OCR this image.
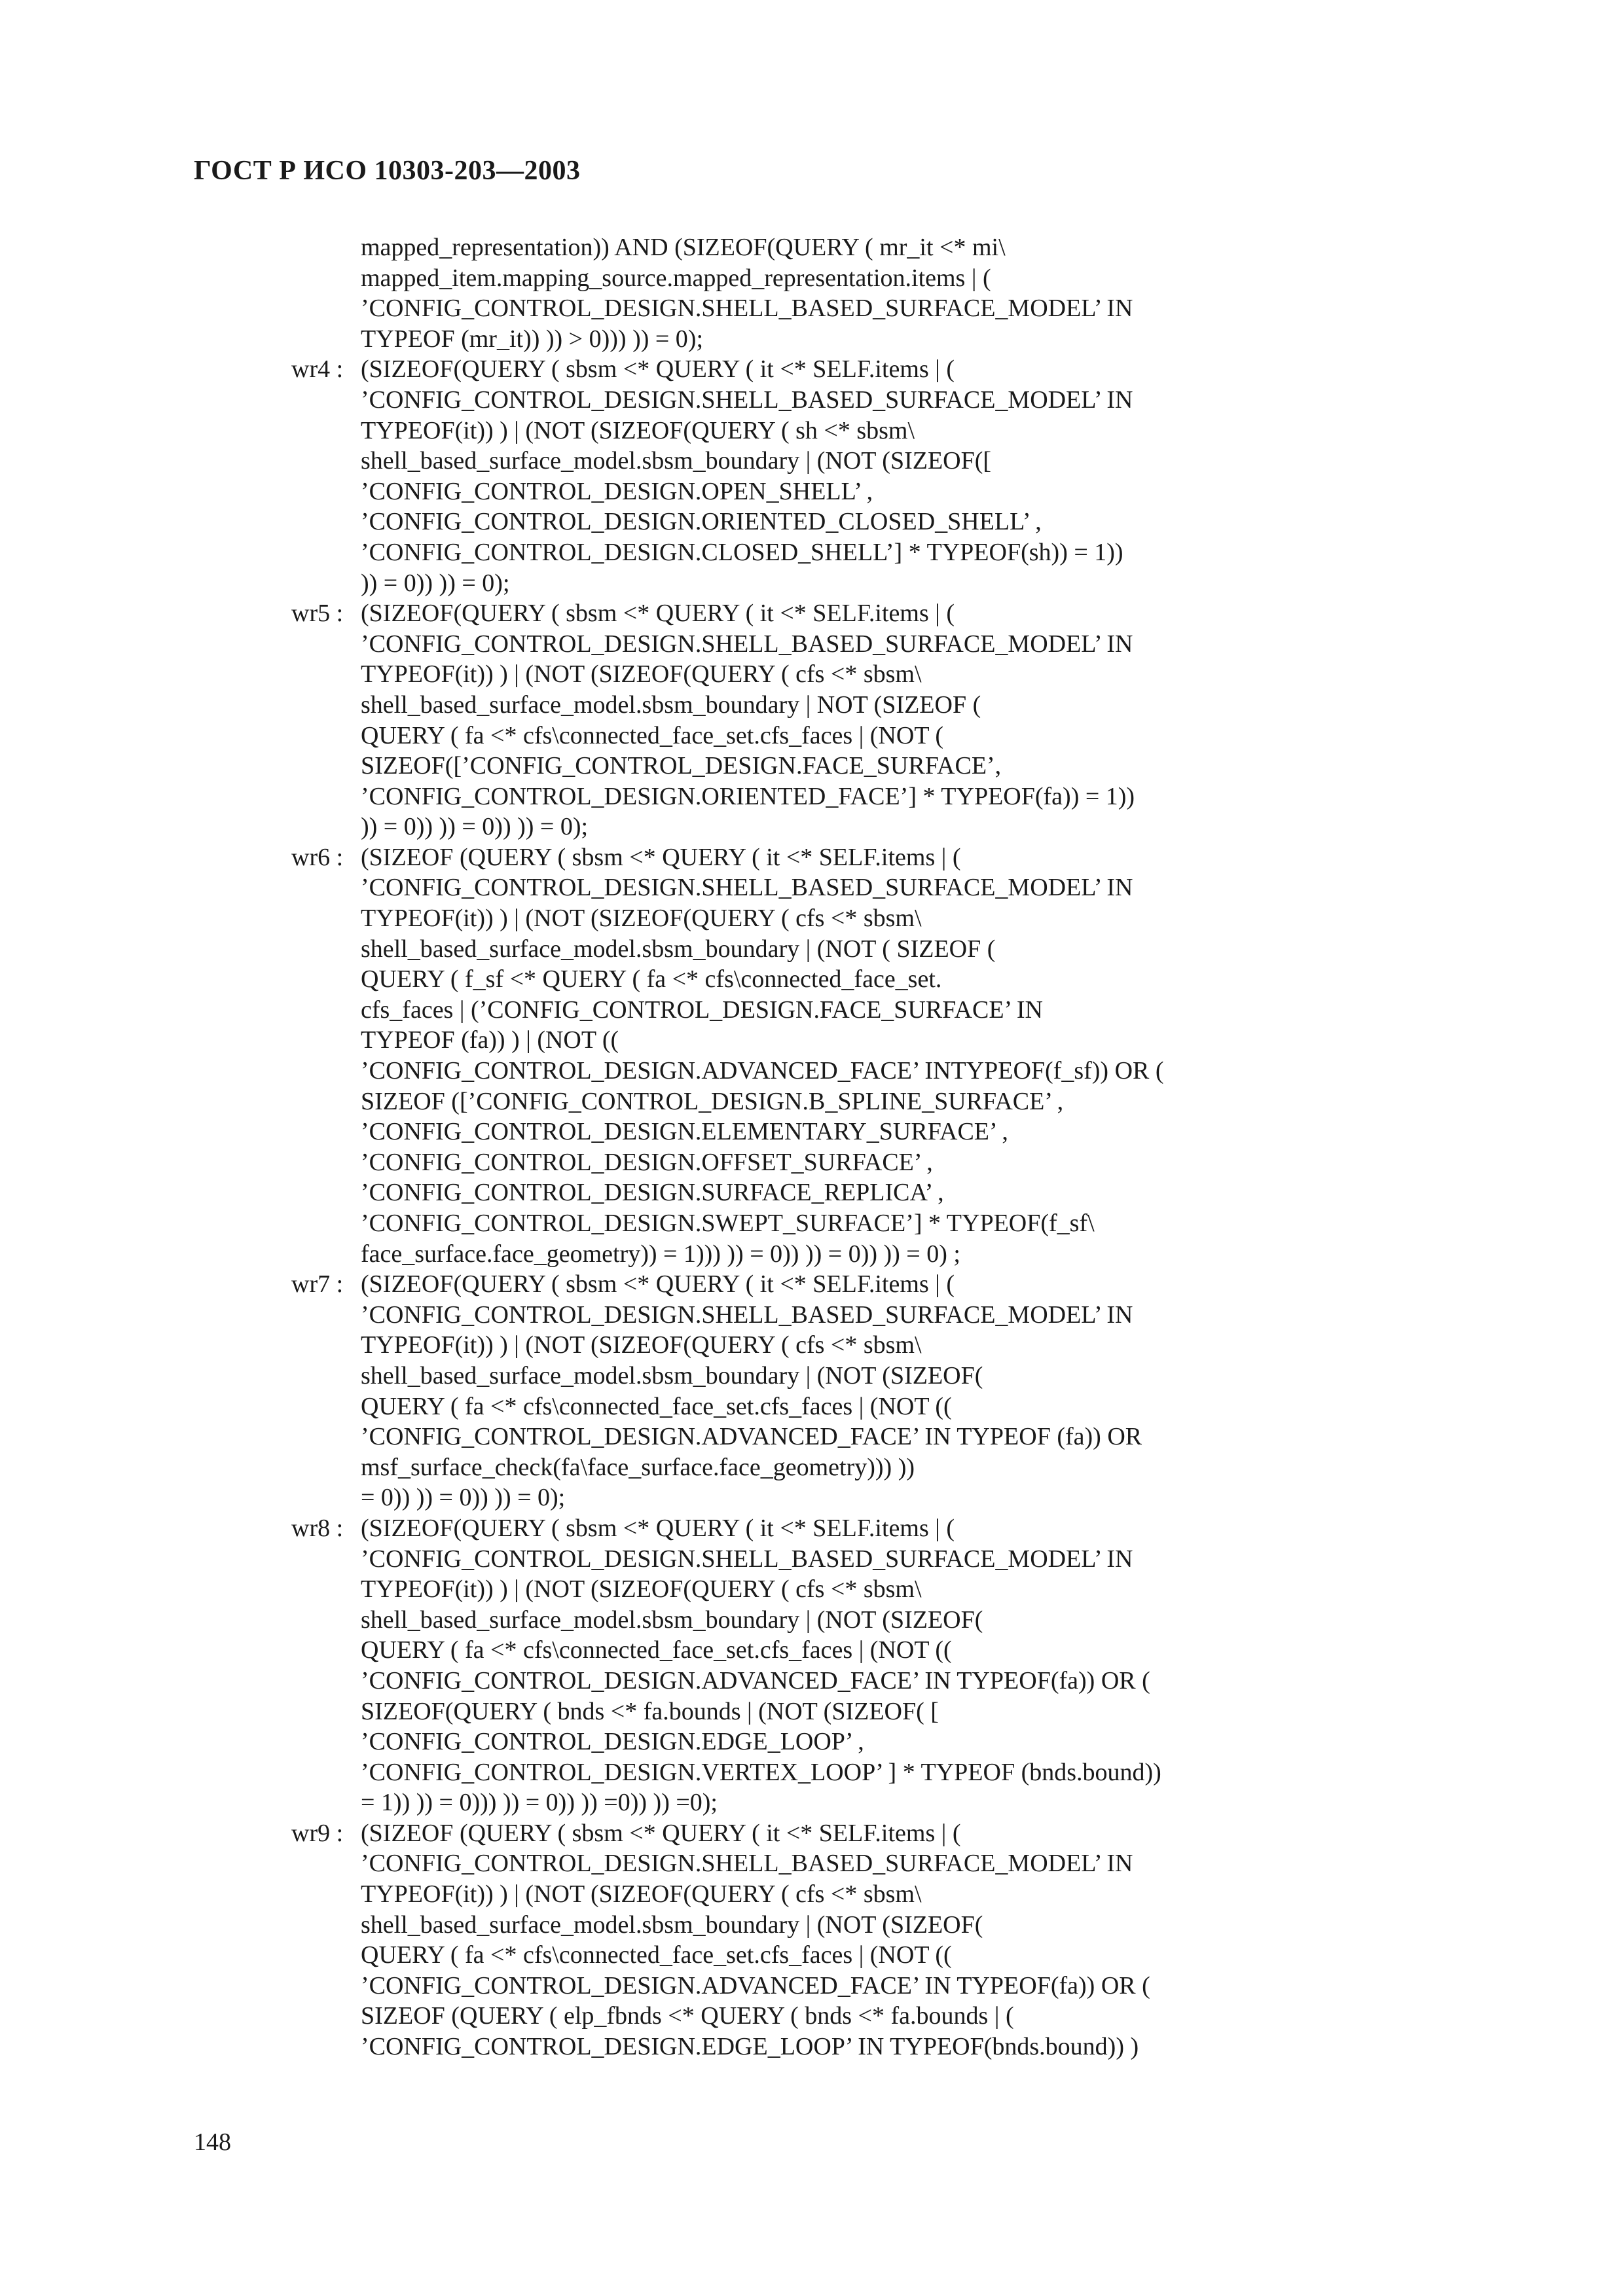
ГОСТ Р ИСО 10303-203—2003
mapped_representation)) AND (SIZEOF(QUERY ( mr_it <* mi\
mapped_item.mapping_source.mapped_representation.items | (
’CONFIG_CONTROL_DESIGN.SHELL_BASED_SURFACE_MODEL’ IN
TYPEOF (mr_it)) )) > 0))) )) = 0);
wr4 : (SIZEOF(QUERY ( sbsm <* QUERY ( it <* SELF.items | (
’CONFIG_CONTROL_DESIGN.SHELL_BASED_SURFACE_MODEL’ IN
TYPEOF(it)) ) | (NOT (SIZEOF(QUERY ( sh <* sbsm\
shell_based_surface_model.sbsm_boundary | (NOT (SIZEOF([
’CONFIG_CONTROL_DESIGN.OPEN_SHELL’ ,
’CONFIG_CONTROL_DESIGN.ORIENTED_CLOSED_SHELL’ ,
’CONFIG_CONTROL_DESIGN.CLOSED_SHELL’] * TYPEOF(sh)) = 1))
)) = 0)) )) = 0);
wr5 : (SIZEOF(QUERY ( sbsm <* QUERY ( it <* SELF.items | (
’CONFIG_CONTROL_DESIGN.SHELL_BASED_SURFACE_MODEL’ IN
TYPEOF(it)) ) | (NOT (SIZEOF(QUERY ( cfs <* sbsm\
shell_based_surface_model.sbsm_boundary | NOT (SIZEOF (
QUERY ( fa <* cfs\connected_face_set.cfs_faces | (NOT (
SIZEOF([’CONFIG_CONTROL_DESIGN.FACE_SURFACE’,
’CONFIG_CONTROL_DESIGN.ORIENTED_FACE’] * TYPEOF(fa)) = 1))
)) = 0)) )) = 0)) )) = 0);
wr6 : (SIZEOF (QUERY ( sbsm <* QUERY ( it <* SELF.items | (
’CONFIG_CONTROL_DESIGN.SHELL_BASED_SURFACE_MODEL’ IN
TYPEOF(it)) ) | (NOT (SIZEOF(QUERY ( cfs <* sbsm\
shell_based_surface_model.sbsm_boundary | (NOT ( SIZEOF (
QUERY ( f_sf <* QUERY ( fa <* cfs\connected_face_set.
cfs_faces | (’CONFIG_CONTROL_DESIGN.FACE_SURFACE’ IN
TYPEOF (fa)) ) | (NOT ((
’CONFIG_CONTROL_DESIGN.ADVANCED_FACE’ INTYPEOF(f_sf)) OR (
SIZEOF ([’CONFIG_CONTROL_DESIGN.B_SPLINE_SURFACE’ ,
’CONFIG_CONTROL_DESIGN.ELEMENTARY_SURFACE’ ,
’CONFIG_CONTROL_DESIGN.OFFSET_SURFACE’ ,
’CONFIG_CONTROL_DESIGN.SURFACE_REPLICA’ ,
’CONFIG_CONTROL_DESIGN.SWEPT_SURFACE’] * TYPEOF(f_sf\
face_surface.face_geometry)) = 1))) )) = 0)) )) = 0)) )) = 0) ;
wr7 : (SIZEOF(QUERY ( sbsm <* QUERY ( it <* SELF.items | (
’CONFIG_CONTROL_DESIGN.SHELL_BASED_SURFACE_MODEL’ IN
TYPEOF(it)) ) | (NOT (SIZEOF(QUERY ( cfs <* sbsm\
shell_based_surface_model.sbsm_boundary | (NOT (SIZEOF(
QUERY ( fa <* cfs\connected_face_set.cfs_faces | (NOT ((
’CONFIG_CONTROL_DESIGN.ADVANCED_FACE’ IN TYPEOF (fa)) OR
msf_surface_check(fa\face_surface.face_geometry))) ))
= 0)) )) = 0)) )) = 0);
wr8 : (SIZEOF(QUERY ( sbsm <* QUERY ( it <* SELF.items | (
’CONFIG_CONTROL_DESIGN.SHELL_BASED_SURFACE_MODEL’ IN
TYPEOF(it)) ) | (NOT (SIZEOF(QUERY ( cfs <* sbsm\
shell_based_surface_model.sbsm_boundary | (NOT (SIZEOF(
QUERY ( fa <* cfs\connected_face_set.cfs_faces | (NOT ((
’CONFIG_CONTROL_DESIGN.ADVANCED_FACE’ IN TYPEOF(fa)) OR (
SIZEOF(QUERY ( bnds <* fa.bounds | (NOT (SIZEOF( [
’CONFIG_CONTROL_DESIGN.EDGE_LOOP’ ,
’CONFIG_CONTROL_DESIGN.VERTEX_LOOP’ ] * TYPEOF (bnds.bound))
= 1)) )) = 0))) )) = 0)) )) =0)) )) =0);
wr9 : (SIZEOF (QUERY ( sbsm <* QUERY ( it <* SELF.items | (
’CONFIG_CONTROL_DESIGN.SHELL_BASED_SURFACE_MODEL’ IN
TYPEOF(it)) ) | (NOT (SIZEOF(QUERY ( cfs <* sbsm\
shell_based_surface_model.sbsm_boundary | (NOT (SIZEOF(
QUERY ( fa <* cfs\connected_face_set.cfs_faces | (NOT ((
’CONFIG_CONTROL_DESIGN.ADVANCED_FACE’ IN TYPEOF(fa)) OR (
SIZEOF (QUERY ( elp_fbnds <* QUERY ( bnds <* fa.bounds | (
’CONFIG_CONTROL_DESIGN.EDGE_LOOP’ IN TYPEOF(bnds.bound)) )
148
